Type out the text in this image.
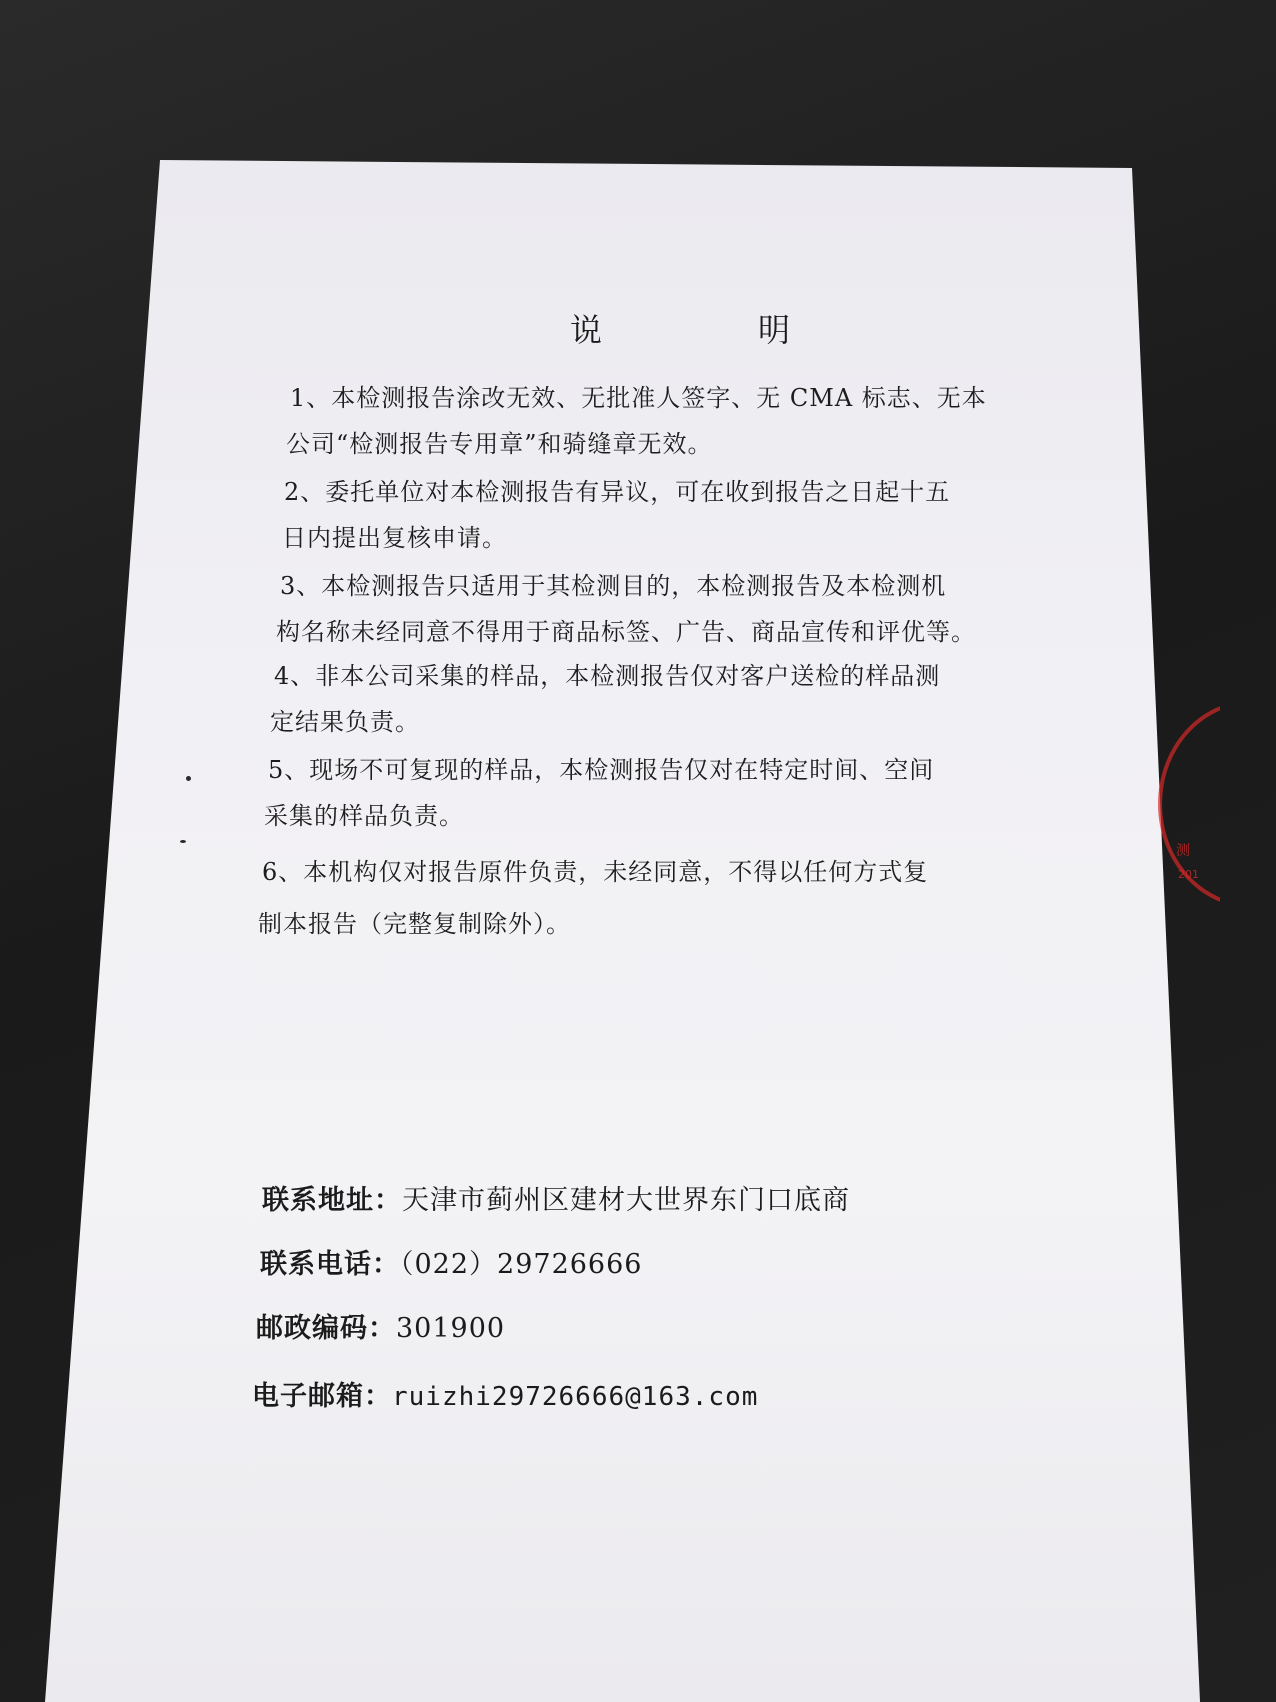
说　明
1、本检测报告涂改无效、无批准人签字、无 CMA 标志、无本
公司“检测报告专用章”和骑缝章无效。
2、委托单位对本检测报告有异议，可在收到报告之日起十五
日内提出复核申请。
3、本检测报告只适用于其检测目的，本检测报告及本检测机
构名称未经同意不得用于商品标签、广告、商品宣传和评优等。
4、非本公司采集的样品，本检测报告仅对客户送检的样品测
定结果负责。
5、现场不可复现的样品，本检测报告仅对在特定时间、空间
采集的样品负责。
6、本机构仅对报告原件负责，未经同意，不得以任何方式复
制本报告（完整复制除外）。
联系地址：天津市蓟州区建材大世界东门口底商
联系电话：（022）29726666
邮政编码：301900
电子邮箱：ruizhi29726666@163.com
测
201
